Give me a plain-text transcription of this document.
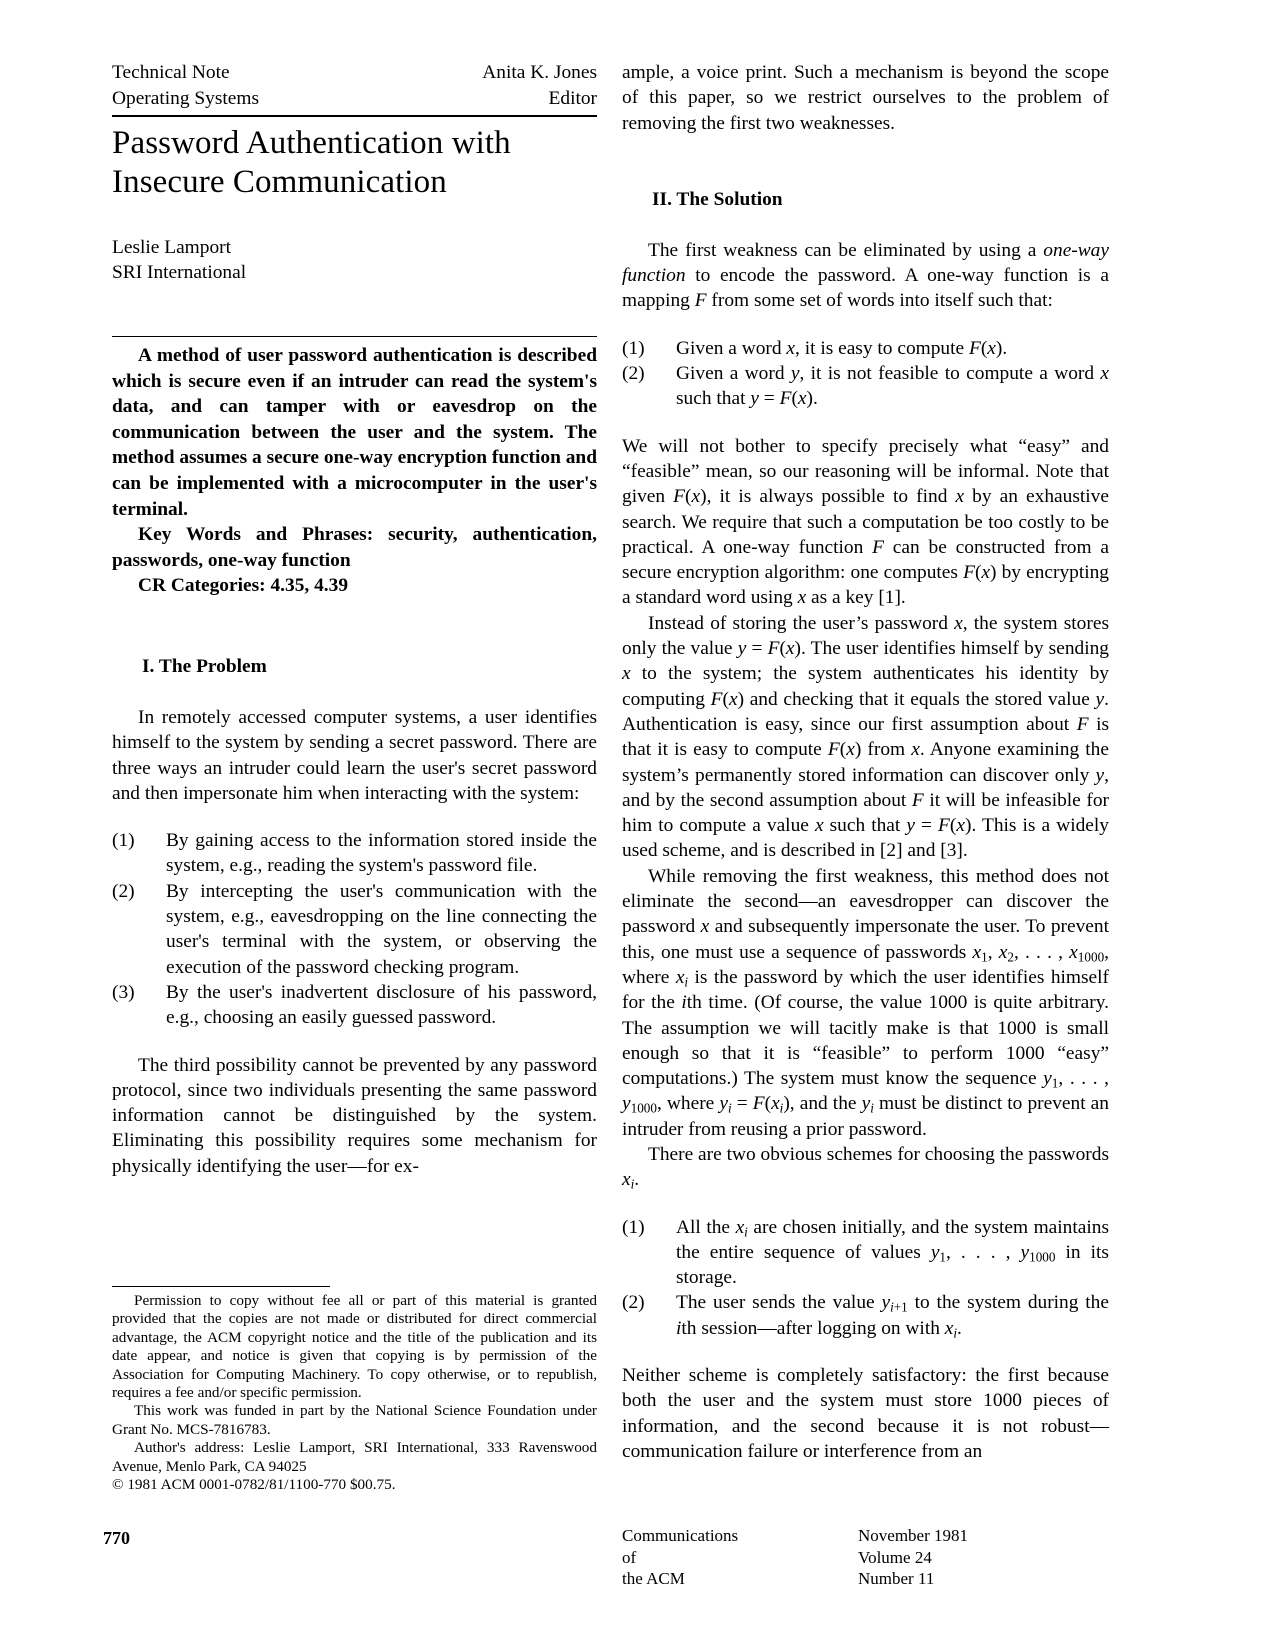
Technical Note	Anita K. Jones
Operating Systems	Editor
Password Authentication with
Insecure Communication
Leslie Lamport
SRI International

A method of user password authentication is described which is secure even if an intruder can read the system's data, and can tamper with or eavesdrop on the communication between the user and the system. The method assumes a secure one-way encryption function and can be implemented with a microcomputer in the user's terminal.

Key Words and Phrases: security, authentication, passwords, one-way function

CR Categories: 4.35, 4.39

I. The Problem

In remotely accessed computer systems, a user identifies himself to the system by sending a secret password. There are three ways an intruder could learn the user's secret password and then impersonate him when interacting with the system:

(1)	By gaining access to the information stored inside the system, e.g., reading the system's password file.
(2)	By intercepting the user's communication with the system, e.g., eavesdropping on the line connecting the user's terminal with the system, or observing the execution of the password checking program.
(3)	By the user's inadvertent disclosure of his password, e.g., choosing an easily guessed password.

The third possibility cannot be prevented by any password protocol, since two individuals presenting the same password information cannot be distinguished by the system. Eliminating this possibility requires some mechanism for physically identifying the user—for ex-

Permission to copy without fee all or part of this material is granted provided that the copies are not made or distributed for direct commercial advantage, the ACM copyright notice and the title of the publication and its date appear, and notice is given that copying is by permission of the Association for Computing Machinery. To copy otherwise, or to republish, requires a fee and/or specific permission.

This work was funded in part by the National Science Foundation under Grant No. MCS-7816783.

Author's address: Leslie Lamport, SRI International, 333 Ravenswood Avenue, Menlo Park, CA 94025

© 1981 ACM 0001-0782/81/1100-770 $00.75.

ample, a voice print. Such a mechanism is beyond the scope of this paper, so we restrict ourselves to the problem of removing the first two weaknesses.

II. The Solution

The first weakness can be eliminated by using a one-way function to encode the password. A one-way function is a mapping F from some set of words into itself such that:

(1)	Given a word x, it is easy to compute F(x).
(2)	Given a word y, it is not feasible to compute a word x such that y = F(x).

We will not bother to specify precisely what “easy” and “feasible” mean, so our reasoning will be informal. Note that given F(x), it is always possible to find x by an exhaustive search. We require that such a computation be too costly to be practical. A one-way function F can be constructed from a secure encryption algorithm: one computes F(x) by encrypting a standard word using x as a key [1].

Instead of storing the user’s password x, the system stores only the value y = F(x). The user identifies himself by sending x to the system; the system authenticates his identity by computing F(x) and checking that it equals the stored value y. Authentication is easy, since our first assumption about F is that it is easy to compute F(x) from x. Anyone examining the system’s permanently stored information can discover only y, and by the second assumption about F it will be infeasible for him to compute a value x such that y = F(x). This is a widely used scheme, and is described in [2] and [3].

While removing the first weakness, this method does not eliminate the second—an eavesdropper can discover the password x and subsequently impersonate the user. To prevent this, one must use a sequence of passwords $x_1$, $x_2$, . . . , $x_{1000}$, where $x_i$ is the password by which the user identifies himself for the ith time. (Of course, the value 1000 is quite arbitrary. The assumption we will tacitly make is that 1000 is small enough so that it is “feasible” to perform 1000 “easy” computations.) The system must know the sequence $y_1$, . . . , $y_{1000}$, where $y_i = F(x_i)$, and the $y_i$ must be distinct to prevent an intruder from reusing a prior password.

There are two obvious schemes for choosing the passwords $x_i$.

(1)	All the $x_i$ are chosen initially, and the system maintains the entire sequence of values $y_1$, . . . , $y_{1000}$ in its storage.
(2)	The user sends the value $y_{i+1}$ to the system during the ith session—after logging on with $x_i$.

Neither scheme is completely satisfactory: the first because both the user and the system must store 1000 pieces of information, and the second because it is not robust—communication failure or interference from an

770	Communications
of
the ACM
November 1981
Volume 24
Number 11
